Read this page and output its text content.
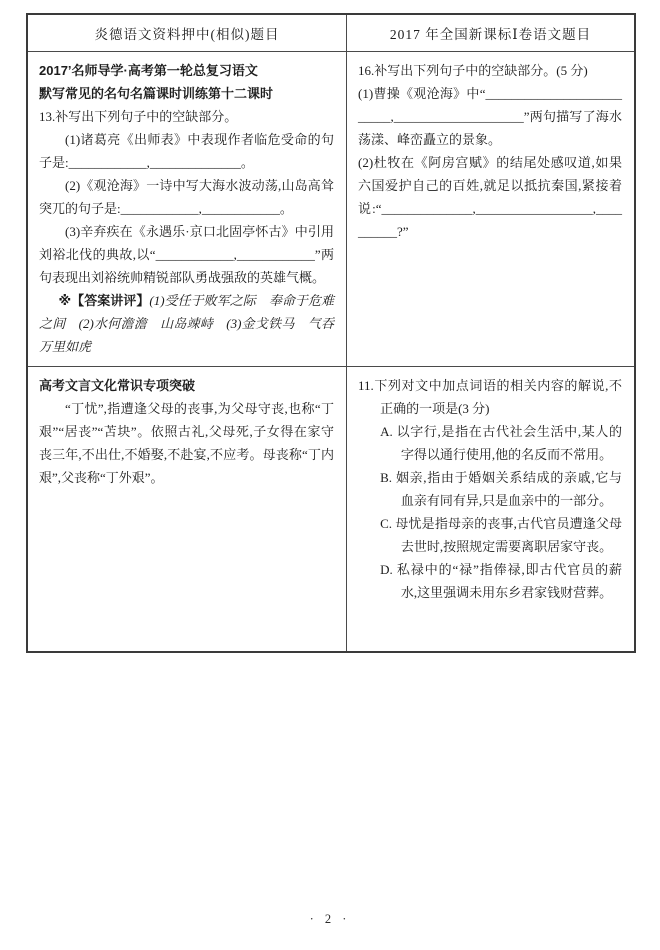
炎德语文资料押中(相似)题目	2017 年全国新课标Ⅰ卷语文题目

2017’名师导学·高考第一轮总复习语文

默写常见的名句名篇课时训练第十二课时

13.补写出下列句子中的空缺部分。

(1)诸葛亮《出师表》中表现作者临危受命的句子是:____________,______________。

(2)《观沧海》一诗中写大海水波动荡,山岛高耸突兀的句子是:____________,____________。

(3)辛弃疾在《永遇乐·京口北固亭怀古》中引用刘裕北伐的典故,以“____________,____________”两句表现出刘裕统帅精锐部队勇战强敌的英雄气概。

※【答案讲评】(1)受任于败军之际　奉命于危难之间　(2)水何澹澹　山岛竦峙　(3)金戈铁马　气吞万里如虎

16.补写出下列句子中的空缺部分。(5 分)

(1)曹操《观沧海》中“__________________________,____________________”两句描写了海水荡漾、峰峦矗立的景象。

(2)杜牧在《阿房宫赋》的结尾处感叹道,如果六国爱护自己的百姓,就足以抵抗秦国,紧接着说:“______________,__________________,__________?”

高考文言文化常识专项突破

“丁忧”,指遭逢父母的丧事,为父母守丧,也称“丁艰”“居丧”“苫块”。依照古礼,父母死,子女得在家守丧三年,不出仕,不婚娶,不赴宴,不应考。母丧称“丁内艰”,父丧称“丁外艰”。

11.下列对文中加点词语的相关内容的解说,不正确的一项是(3 分)

A. 以字行,是指在古代社会生活中,某人的字得以通行使用,他的名反而不常用。

B. 姻亲,指由于婚姻关系结成的亲戚,它与血亲有同有异,只是血亲中的一部分。

C. 母忧是指母亲的丧事,古代官员遭逢父母去世时,按照规定需要离职居家守丧。

D. 私禄中的“禄”指俸禄,即古代官员的薪水,这里强调未用东乡君家钱财营葬。

· 2 ·
